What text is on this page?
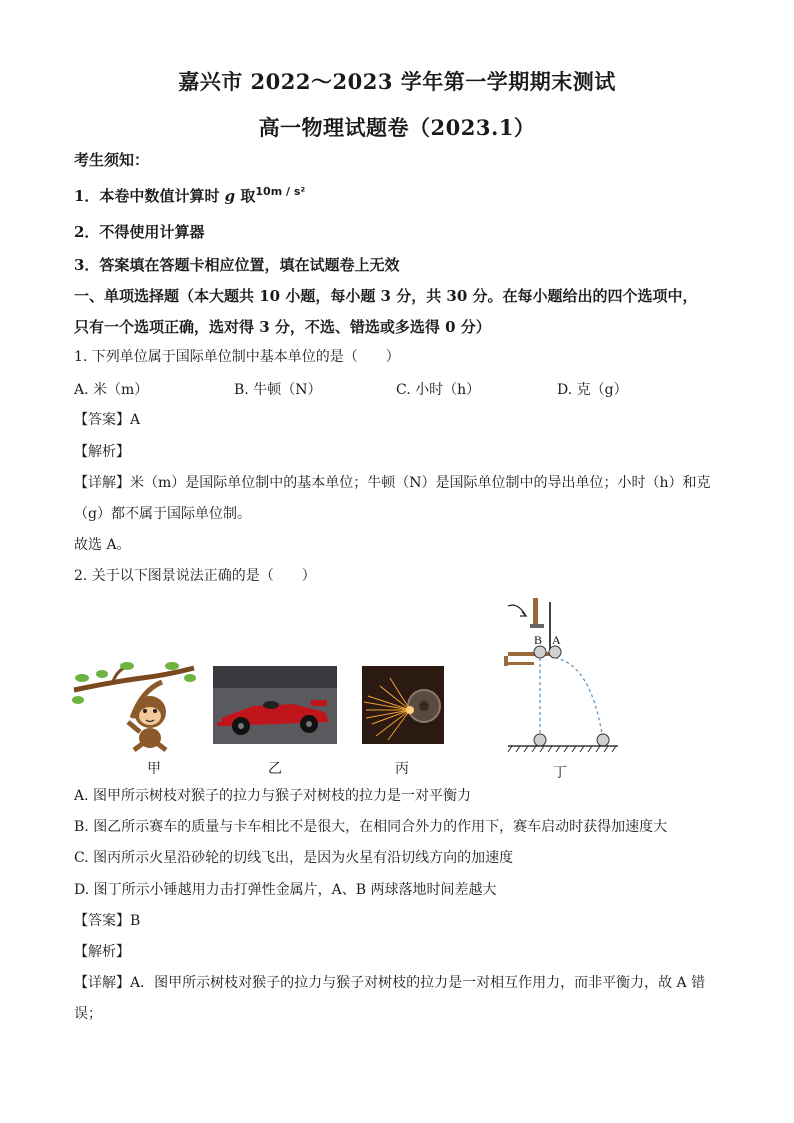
嘉兴市 2022～2023 学年第一学期期末测试
高一物理试题卷（2023.1）
考生须知：
1．本卷中数值计算时 g 取$^{10m / s^2}$
2．不得使用计算器
3．答案填在答题卡相应位置，填在试题卷上无效
一、单项选择题（本大题共 10 小题，每小题 3 分，共 30 分。在每小题给出的四个选项中，
只有一个选项正确，选对得 3 分，不选、错选或多选得 0 分）
1. 下列单位属于国际单位制中基本单位的是（　　）
A. 米（m）	B. 牛顿（N）	C. 小时（h）	D. 克（g）
【答案】A
【解析】
【详解】米（m）是国际单位制中的基本单位；牛顿（N）是国际单位制中的导出单位；小时（h）和克
（g）都不属于国际单位制。
故选 A。
2. 关于以下图景说法正确的是（　　）
甲	乙	丙
B A
丁
A. 图甲所示树枝对猴子的拉力与猴子对树枝的拉力是一对平衡力
B. 图乙所示赛车的质量与卡车相比不是很大，在相同合外力的作用下，赛车启动时获得加速度大
C. 图丙所示火星沿砂轮的切线飞出，是因为火星有沿切线方向的加速度
D. 图丁所示小锤越用力击打弹性金属片，A、B 两球落地时间差越大
【答案】B
【解析】
【详解】A．图甲所示树枝对猴子的拉力与猴子对树枝的拉力是一对相互作用力，而非平衡力，故 A 错
误；
